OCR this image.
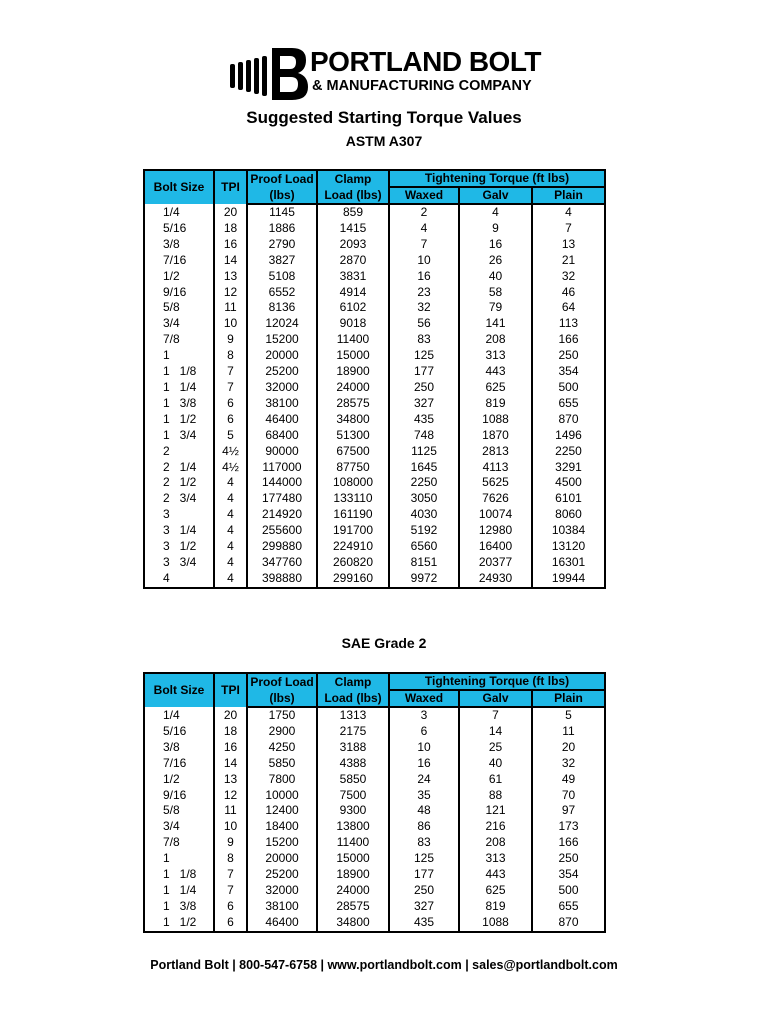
PORTLAND BOLT
& MANUFACTURING COMPANY
Suggested Starting Torque Values
ASTM A307
Bolt Size	TPI	Proof Load	Clamp	Tightening Torque (ft lbs)		
		(lbs)	Load (lbs)	Waxed	Galv	Plain
1/4	20	1145	859	2	4	4
5/16	18	1886	1415	4	9	7
3/8	16	2790	2093	7	16	13
7/16	14	3827	2870	10	26	21
1/2	13	5108	3831	16	40	32
9/16	12	6552	4914	23	58	46
5/8	11	8136	6102	32	79	64
3/4	10	12024	9018	56	141	113
7/8	9	15200	11400	83	208	166
1	8	20000	15000	125	313	250
1   1/8	7	25200	18900	177	443	354
1   1/4	7	32000	24000	250	625	500
1   3/8	6	38100	28575	327	819	655
1   1/2	6	46400	34800	435	1088	870
1   3/4	5	68400	51300	748	1870	1496
2	4½	90000	67500	1125	2813	2250
2   1/4	4½	117000	87750	1645	4113	3291
2   1/2	4	144000	108000	2250	5625	4500
2   3/4	4	177480	133110	3050	7626	6101
3	4	214920	161190	4030	10074	8060
3   1/4	4	255600	191700	5192	12980	10384
3   1/2	4	299880	224910	6560	16400	13120
3   3/4	4	347760	260820	8151	20377	16301
4	4	398880	299160	9972	24930	19944
SAE Grade 2
Bolt Size	TPI	Proof Load	Clamp	Tightening Torque (ft lbs)		
		(lbs)	Load (lbs)	Waxed	Galv	Plain
1/4	20	1750	1313	3	7	5
5/16	18	2900	2175	6	14	11
3/8	16	4250	3188	10	25	20
7/16	14	5850	4388	16	40	32
1/2	13	7800	5850	24	61	49
9/16	12	10000	7500	35	88	70
5/8	11	12400	9300	48	121	97
3/4	10	18400	13800	86	216	173
7/8	9	15200	11400	83	208	166
1	8	20000	15000	125	313	250
1   1/8	7	25200	18900	177	443	354
1   1/4	7	32000	24000	250	625	500
1   3/8	6	38100	28575	327	819	655
1   1/2	6	46400	34800	435	1088	870
Portland Bolt | 800-547-6758 | www.portlandbolt.com | sales@portlandbolt.com
